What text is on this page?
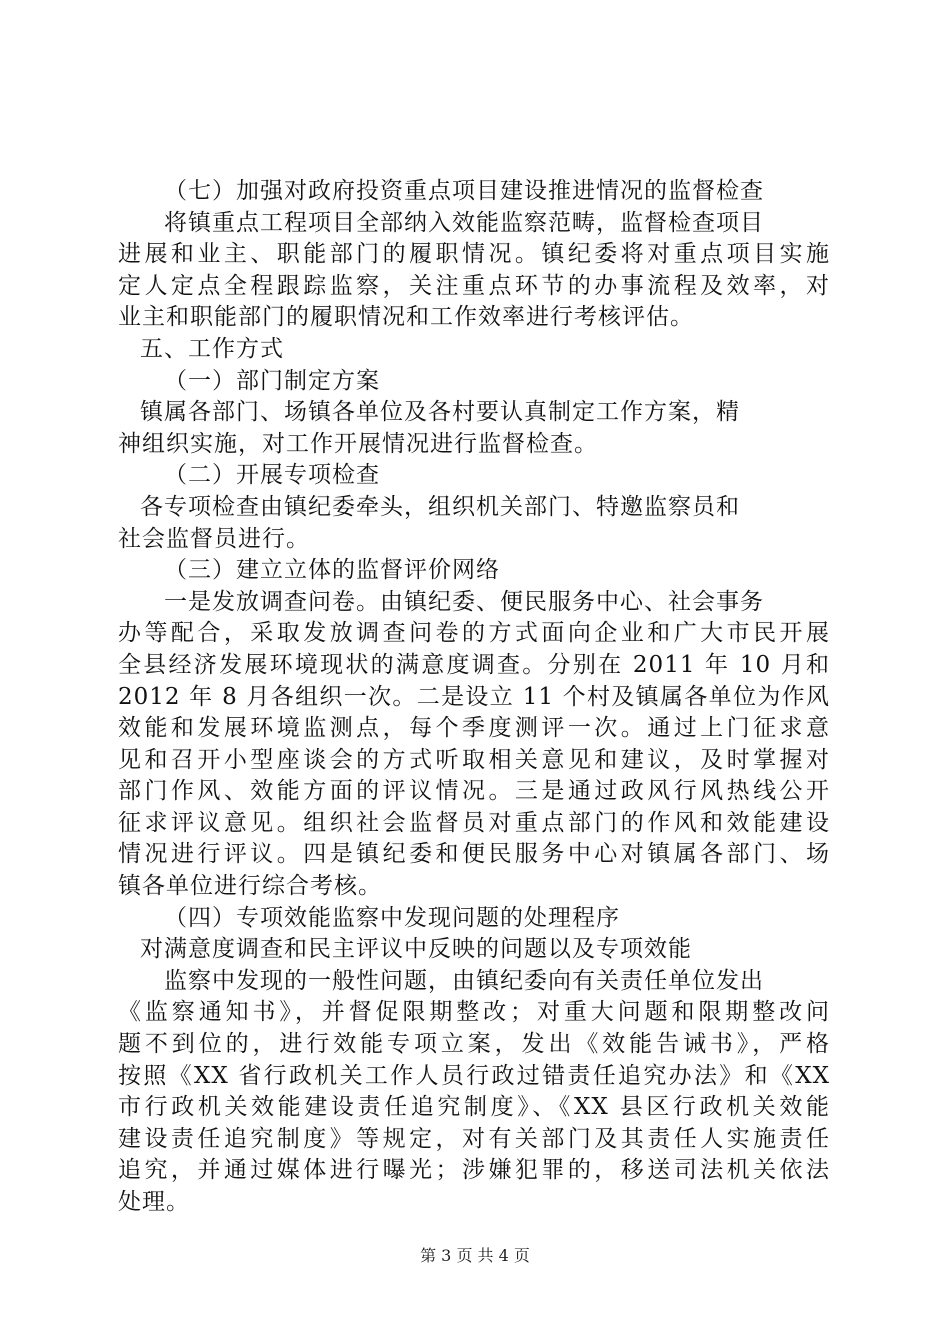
（七）加强对政府投资重点项目建设推进情况的监督检查
将镇重点工程项目全部纳入效能监察范畴，监督检查项目
进展和业主、职能部门的履职情况。镇纪委将对重点项目实施
定人定点全程跟踪监察，关注重点环节的办事流程及效率，对
业主和职能部门的履职情况和工作效率进行考核评估。
五、工作方式
（一）部门制定方案
镇属各部门、场镇各单位及各村要认真制定工作方案，精
神组织实施，对工作开展情况进行监督检查。
（二）开展专项检查
各专项检查由镇纪委牵头，组织机关部门、特邀监察员和
社会监督员进行。
（三）建立立体的监督评价网络
一是发放调查问卷。由镇纪委、便民服务中心、社会事务
办等配合，采取发放调查问卷的方式面向企业和广大市民开展
全县经济发展环境现状的满意度调查。分别在 2011 年 10 月和
2012 年 8 月各组织一次。二是设立 11 个村及镇属各单位为作风
效能和发展环境监测点，每个季度测评一次。通过上门征求意
见和召开小型座谈会的方式听取相关意见和建议，及时掌握对
部门作风、效能方面的评议情况。三是通过政风行风热线公开
征求评议意见。组织社会监督员对重点部门的作风和效能建设
情况进行评议。四是镇纪委和便民服务中心对镇属各部门、场
镇各单位进行综合考核。
（四）专项效能监察中发现问题的处理程序
对满意度调查和民主评议中反映的问题以及专项效能
监察中发现的一般性问题，由镇纪委向有关责任单位发出
《监察通知书》，并督促限期整改；对重大问题和限期整改问
题不到位的，进行效能专项立案，发出《效能告诫书》，严格
按照《XX 省行政机关工作人员行政过错责任追究办法》和《XX
市行政机关效能建设责任追究制度》、《XX 县区行政机关效能
建设责任追究制度》等规定，对有关部门及其责任人实施责任
追究，并通过媒体进行曝光；涉嫌犯罪的，移送司法机关依法
处理。
第 3 页 共 4 页
